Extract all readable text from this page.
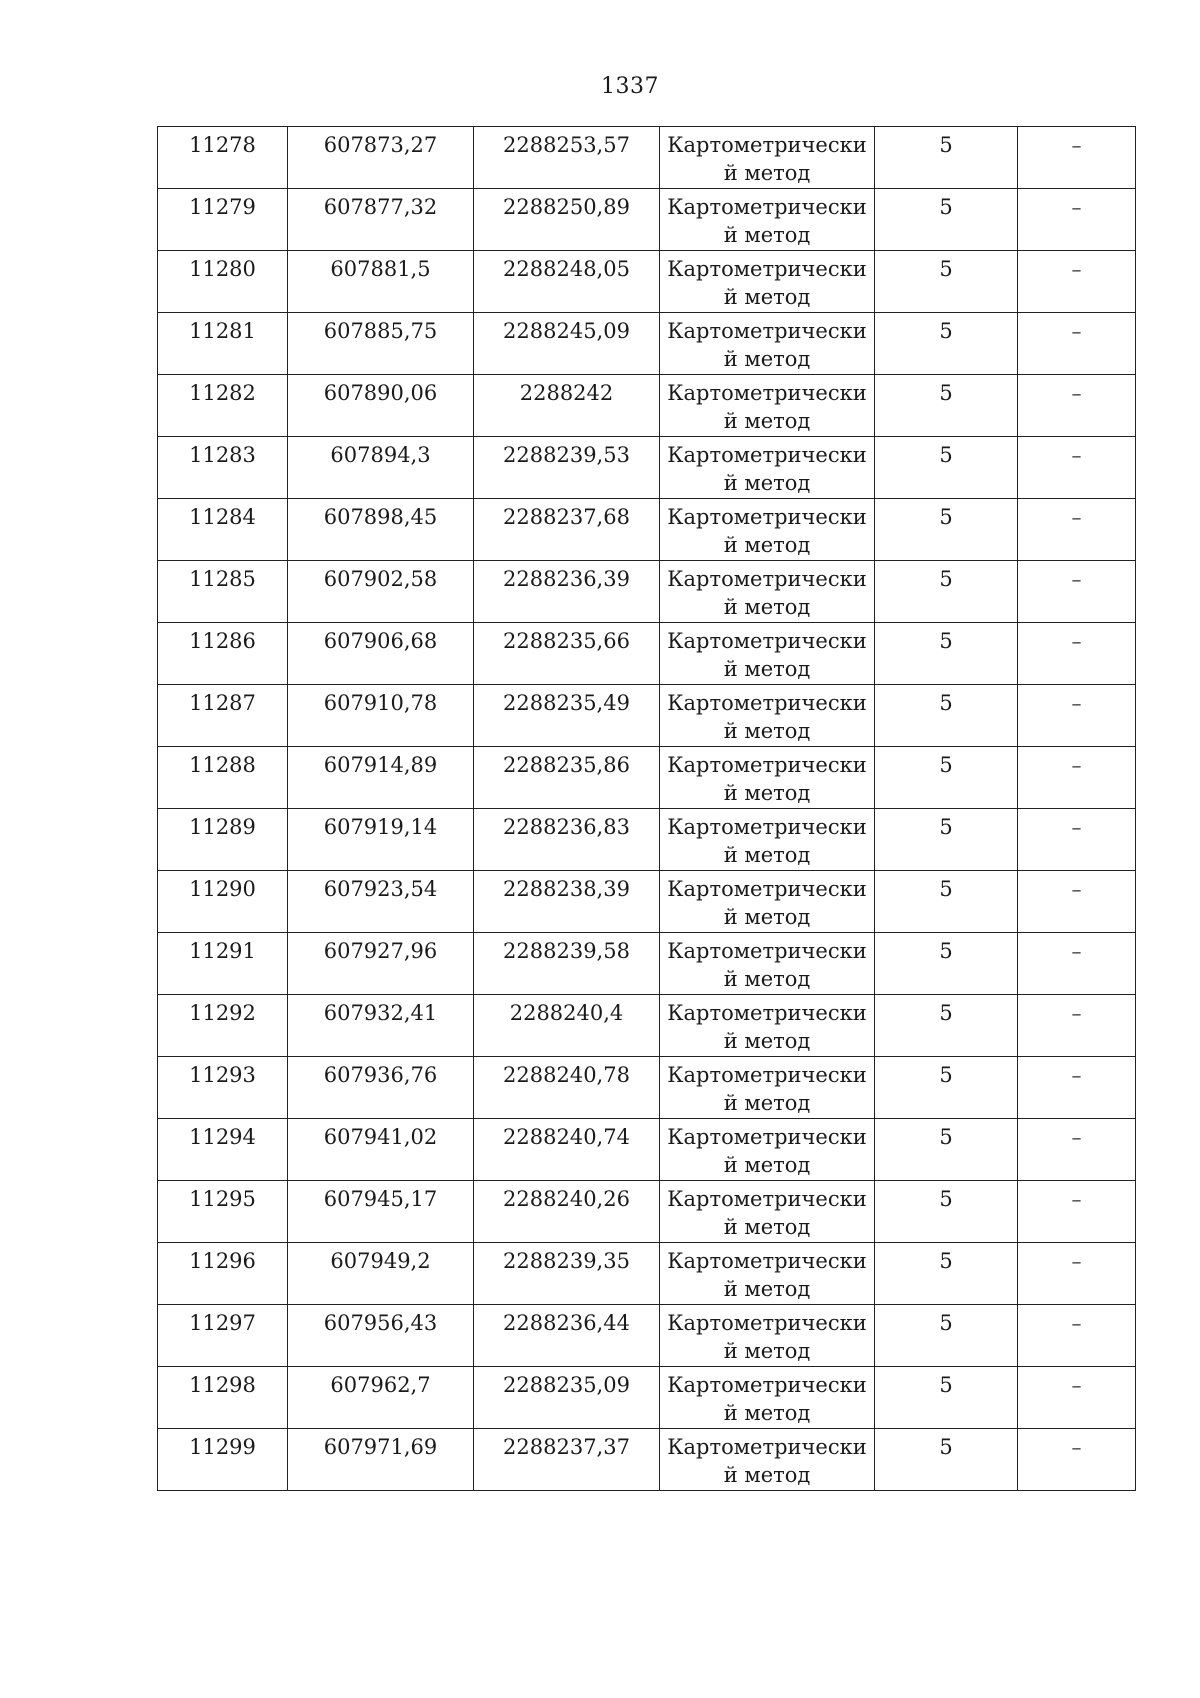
1337
11278	607873,27	2288253,57	Картометрический метод	5	–
11279	607877,32	2288250,89	Картометрический метод	5	–
11280	607881,5	2288248,05	Картометрический метод	5	–
11281	607885,75	2288245,09	Картометрический метод	5	–
11282	607890,06	2288242	Картометрический метод	5	–
11283	607894,3	2288239,53	Картометрический метод	5	–
11284	607898,45	2288237,68	Картометрический метод	5	–
11285	607902,58	2288236,39	Картометрический метод	5	–
11286	607906,68	2288235,66	Картометрический метод	5	–
11287	607910,78	2288235,49	Картометрический метод	5	–
11288	607914,89	2288235,86	Картометрический метод	5	–
11289	607919,14	2288236,83	Картометрический метод	5	–
11290	607923,54	2288238,39	Картометрический метод	5	–
11291	607927,96	2288239,58	Картометрический метод	5	–
11292	607932,41	2288240,4	Картометрический метод	5	–
11293	607936,76	2288240,78	Картометрический метод	5	–
11294	607941,02	2288240,74	Картометрический метод	5	–
11295	607945,17	2288240,26	Картометрический метод	5	–
11296	607949,2	2288239,35	Картометрический метод	5	–
11297	607956,43	2288236,44	Картометрический метод	5	–
11298	607962,7	2288235,09	Картометрический метод	5	–
11299	607971,69	2288237,37	Картометрический метод	5	–
